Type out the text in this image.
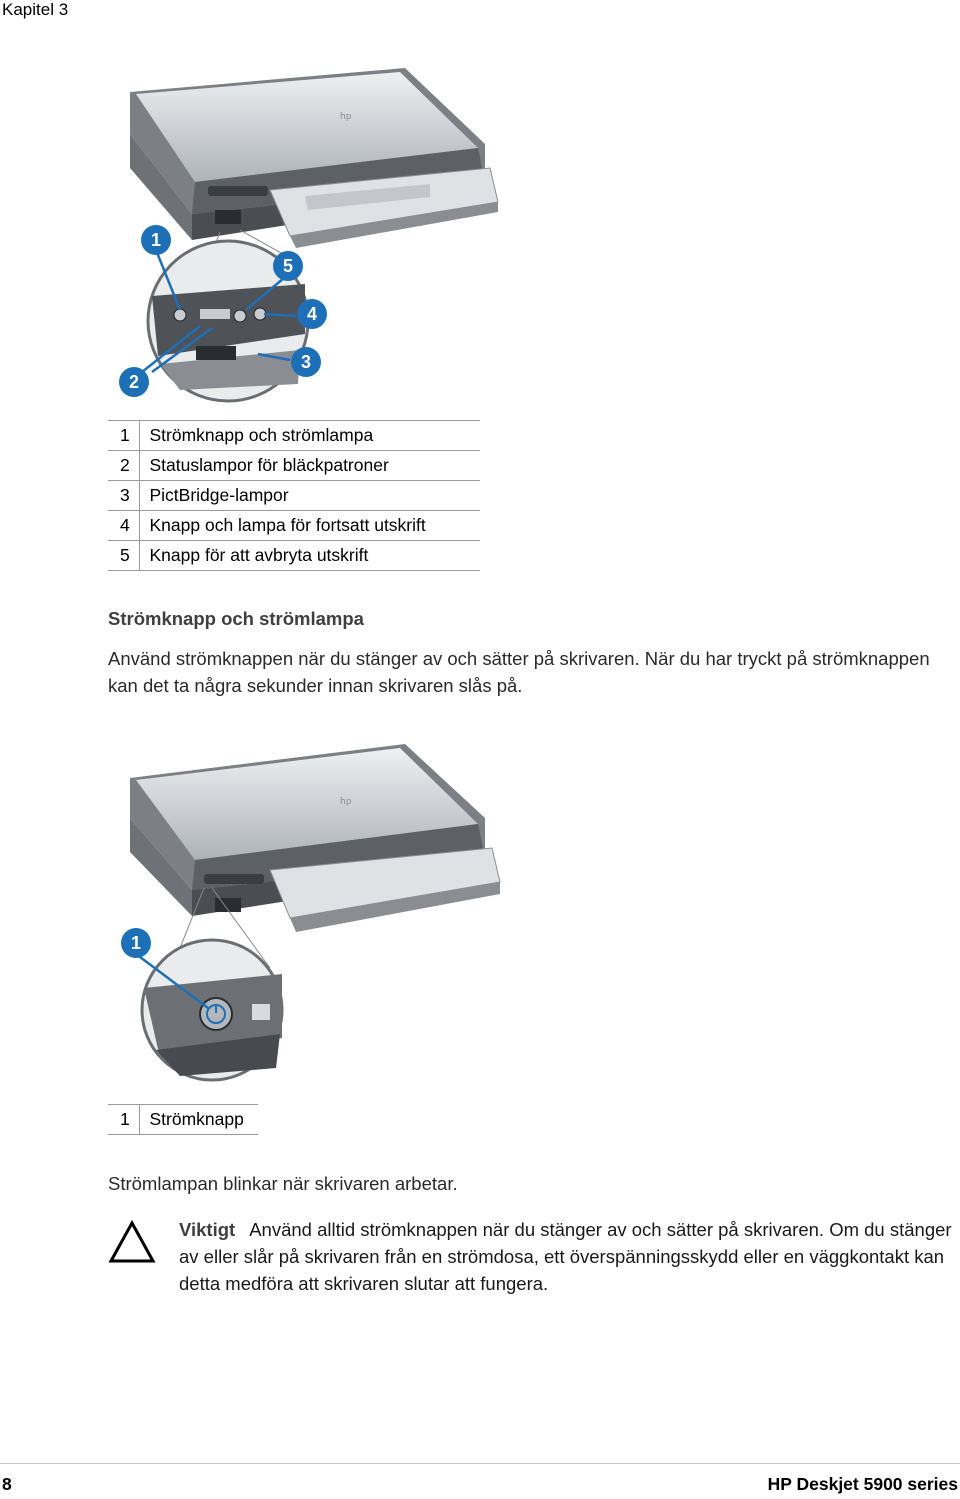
Kapitel 3
hp
1
2
3
4
5
1	Strömknapp och strömlampa
2	Statuslampor för bläckpatroner
3	PictBridge-lampor
4	Knapp och lampa för fortsatt utskrift
5	Knapp för att avbryta utskrift
Strömknapp och strömlampa
Använd strömknappen när du stänger av och sätter på skrivaren. När du har tryckt på strömknappen kan det ta några sekunder innan skrivaren slås på.
hp
1
1	Strömknapp
Strömlampan blinkar när skrivaren arbetar.
Viktigt Använd alltid strömknappen när du stänger av och sätter på skrivaren. Om du stänger av eller slår på skrivaren från en strömdosa, ett överspänningsskydd eller en väggkontakt kan detta medföra att skrivaren slutar att fungera.
8	HP Deskjet 5900 series
